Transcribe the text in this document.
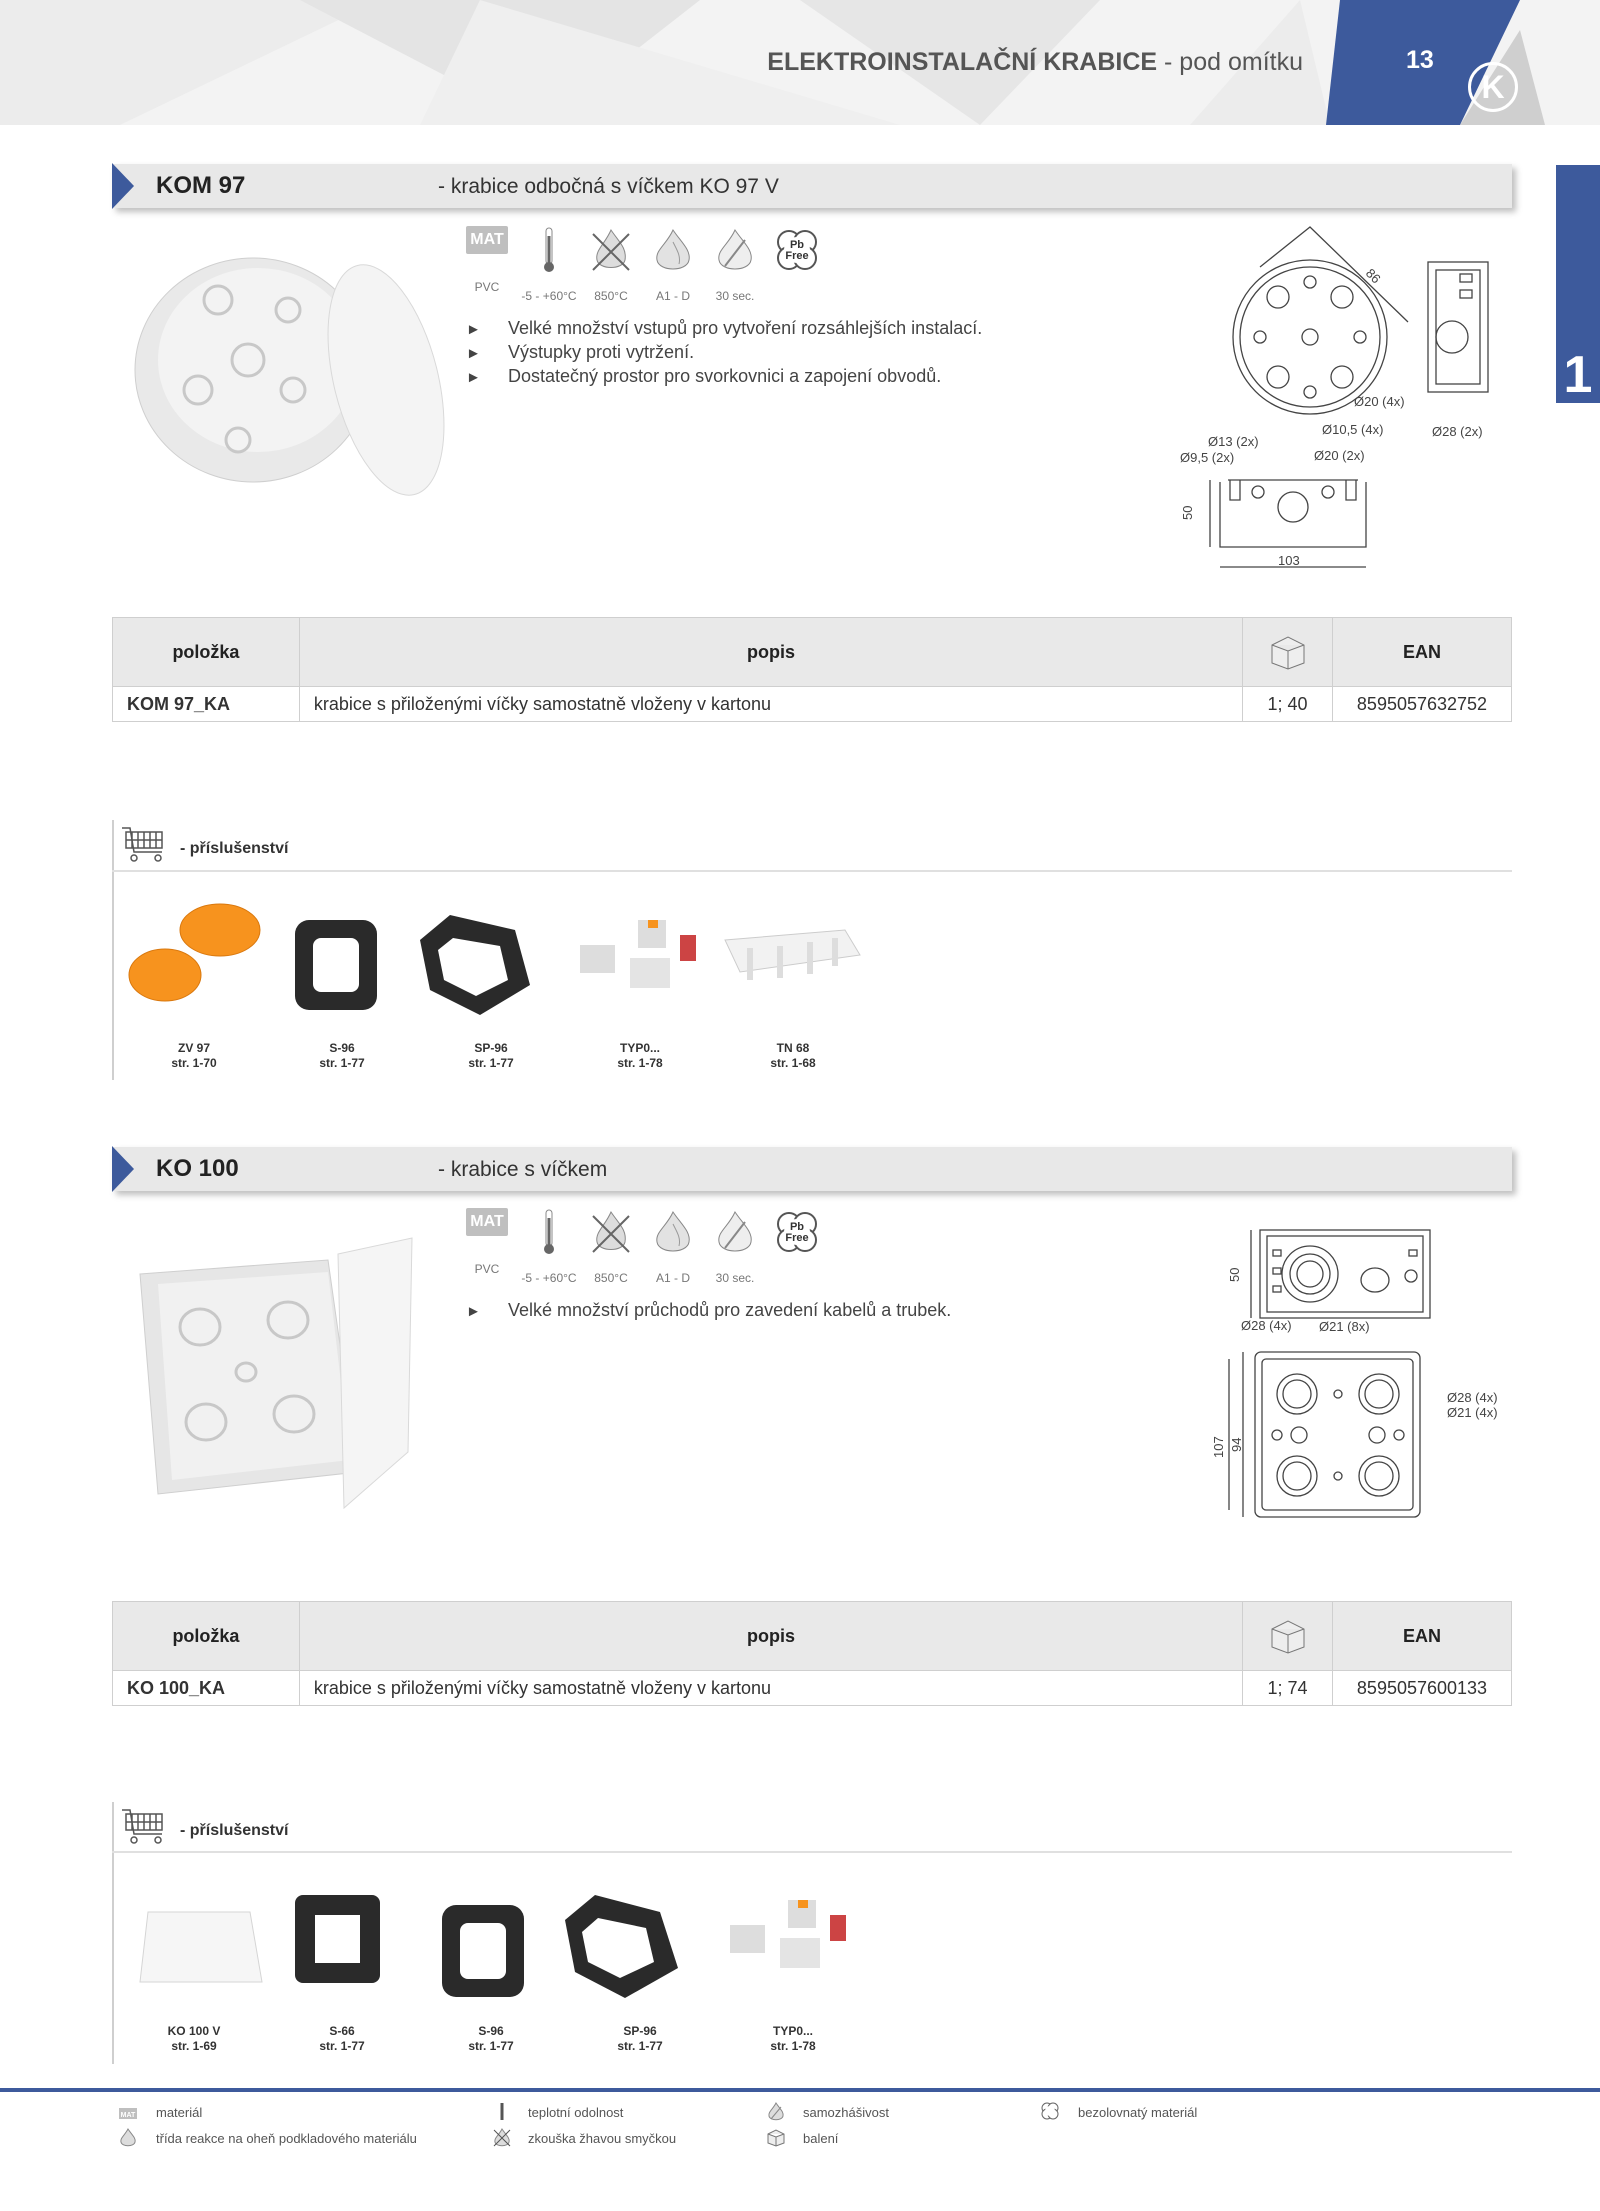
ELEKTROINSTALAČNÍ KRABICE - pod omítku	13
K
1
KOM 97	- krabice odbočná s víčkem KO 97 V
MAT
PVC
-5 - +60°C	850°C	A1 - D	30 sec.
Pb
Free
► Velké množství vstupů pro vytvoření rozsáhlejších instalací.
► Výstupky proti vytržení.
► Dostatečný prostor pro svorkovnici a zapojení obvodů.
86
Ø20 (4x)
Ø10,5 (4x)	Ø28 (2x)
Ø13 (2x)
Ø9,5 (2x)	Ø20 (2x)
50
103
položka	popis		EAN
KOM 97_KA	krabice s přiloženými víčky samostatně vloženy v kartonu	1; 40	8595057632752
- příslušenství
ZV 97
str. 1-70
S-96
str. 1-77
SP-96
str. 1-77
TYP0...
str. 1-78
TN 68
str. 1-68
KO 100	- krabice s víčkem
MAT
PVC
-5 - +60°C	850°C	A1 - D	30 sec.
Pb
Free
► Velké množství průchodů pro zavedení kabelů a trubek.
50
Ø28 (4x) Ø21 (8x)
Ø28 (4x)
Ø21 (4x)
107 94
položka	popis		EAN
KO 100_KA	krabice s přiloženými víčky samostatně vloženy v kartonu	1; 74	8595057600133
- příslušenství
KO 100 V
str. 1-69
S-66
str. 1-77
S-96
str. 1-77
SP-96
str. 1-77
TYP0...
str. 1-78
MAT materiál	teplotní odolnost	samozhášivost	bezolovnatý materiál
třída reakce na oheň podkladového materiálu	zkouška žhavou smyčkou	balení
